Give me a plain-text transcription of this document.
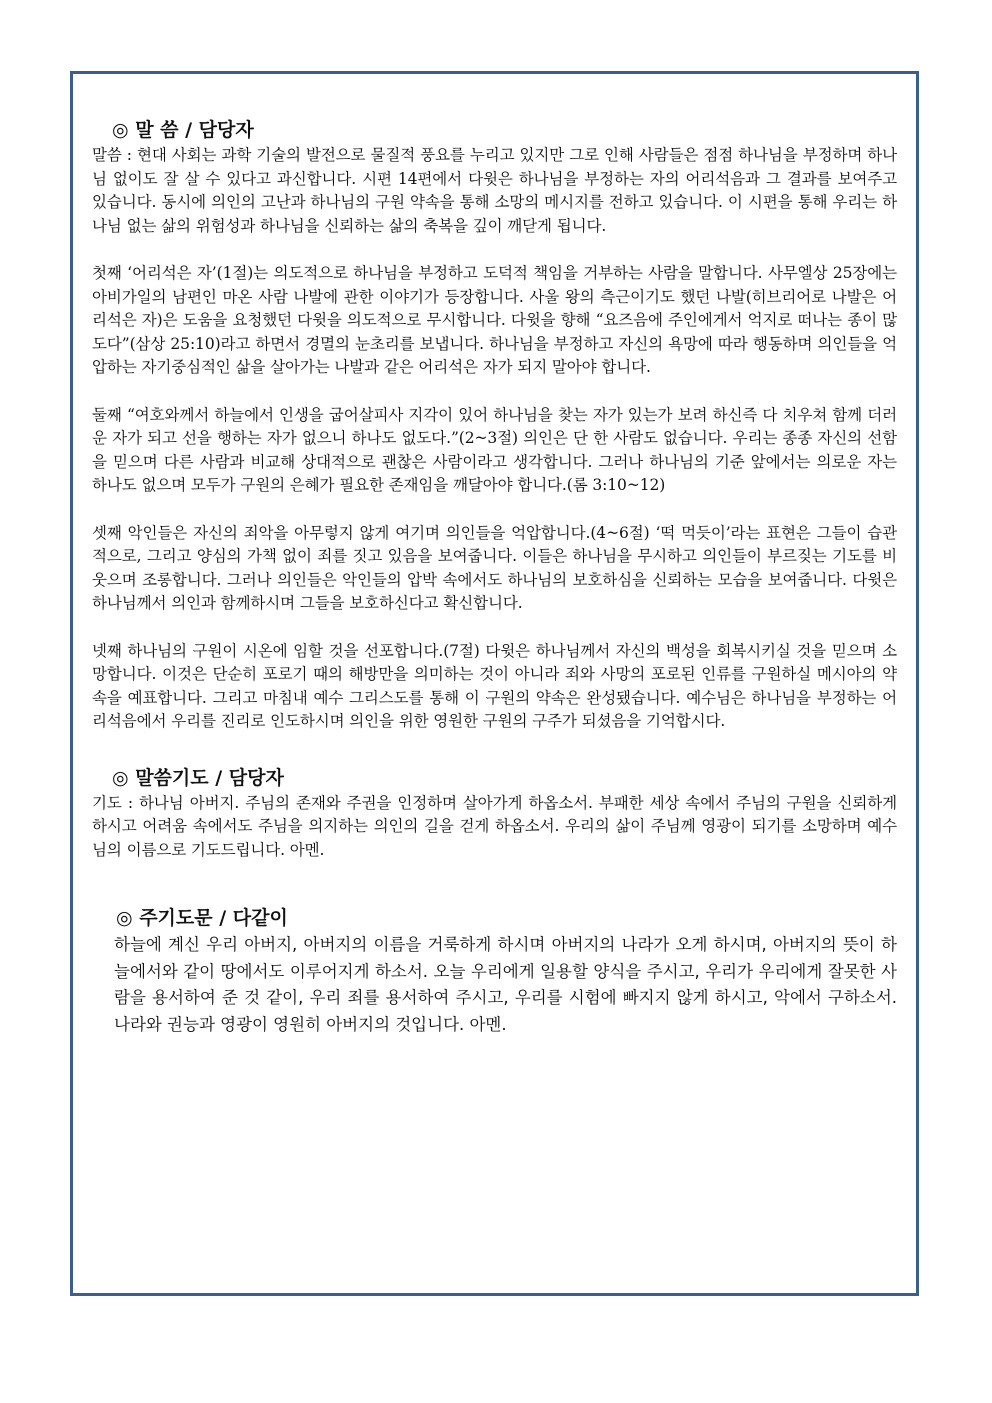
◎ 말 씀 / 담당자

말씀 : 현대 사회는 과학 기술의 발전으로 물질적 풍요를 누리고 있지만 그로 인해 사람들은 점점 하나님을 부정하며 하나님 없이도 잘 살 수 있다고 과신합니다. 시편 14편에서 다윗은 하나님을 부정하는 자의 어리석음과 그 결과를 보여주고 있습니다. 동시에 의인의 고난과 하나님의 구원 약속을 통해 소망의 메시지를 전하고 있습니다. 이 시편을 통해 우리는 하나님 없는 삶의 위험성과 하나님을 신뢰하는 삶의 축복을 깊이 깨닫게 됩니다.

첫째 ‘어리석은 자’(1절)는 의도적으로 하나님을 부정하고 도덕적 책임을 거부하는 사람을 말합니다. 사무엘상 25장에는 아비가일의 남편인 마온 사람 나발에 관한 이야기가 등장합니다. 사울 왕의 측근이기도 했던 나발(히브리어로 나발은 어리석은 자)은 도움을 요청했던 다윗을 의도적으로 무시합니다. 다윗을 향해 “요즈음에 주인에게서 억지로 떠나는 종이 많도다”(삼상 25:10)라고 하면서 경멸의 눈초리를 보냅니다. 하나님을 부정하고 자신의 욕망에 따라 행동하며 의인들을 억압하는 자기중심적인 삶을 살아가는 나발과 같은 어리석은 자가 되지 말아야 합니다.

둘째 “여호와께서 하늘에서 인생을 굽어살피사 지각이 있어 하나님을 찾는 자가 있는가 보려 하신즉 다 치우쳐 함께 더러운 자가 되고 선을 행하는 자가 없으니 하나도 없도다.”(2~3절) 의인은 단 한 사람도 없습니다. 우리는 종종 자신의 선함을 믿으며 다른 사람과 비교해 상대적으로 괜찮은 사람이라고 생각합니다. 그러나 하나님의 기준 앞에서는 의로운 자는 하나도 없으며 모두가 구원의 은혜가 필요한 존재임을 깨달아야 합니다.(롬 3:10~12)

셋째 악인들은 자신의 죄악을 아무렇지 않게 여기며 의인들을 억압합니다.(4~6절) ‘떡 먹듯이’라는 표현은 그들이 습관적으로, 그리고 양심의 가책 없이 죄를 짓고 있음을 보여줍니다. 이들은 하나님을 무시하고 의인들이 부르짖는 기도를 비웃으며 조롱합니다. 그러나 의인들은 악인들의 압박 속에서도 하나님의 보호하심을 신뢰하는 모습을 보여줍니다. 다윗은 하나님께서 의인과 함께하시며 그들을 보호하신다고 확신합니다.

넷째 하나님의 구원이 시온에 임할 것을 선포합니다.(7절) 다윗은 하나님께서 자신의 백성을 회복시키실 것을 믿으며 소망합니다. 이것은 단순히 포로기 때의 해방만을 의미하는 것이 아니라 죄와 사망의 포로된 인류를 구원하실 메시아의 약속을 예표합니다. 그리고 마침내 예수 그리스도를 통해 이 구원의 약속은 완성됐습니다. 예수님은 하나님을 부정하는 어리석음에서 우리를 진리로 인도하시며 의인을 위한 영원한 구원의 구주가 되셨음을 기억합시다.

◎ 말씀기도 / 담당자

기도 : 하나님 아버지. 주님의 존재와 주권을 인정하며 살아가게 하옵소서. 부패한 세상 속에서 주님의 구원을 신뢰하게 하시고 어려움 속에서도 주님을 의지하는 의인의 길을 걷게 하옵소서. 우리의 삶이 주님께 영광이 되기를 소망하며 예수님의 이름으로 기도드립니다. 아멘.

◎ 주기도문 / 다같이

하늘에 계신 우리 아버지, 아버지의 이름을 거룩하게 하시며 아버지의 나라가 오게 하시며, 아버지의 뜻이 하늘에서와 같이 땅에서도 이루어지게 하소서. 오늘 우리에게 일용할 양식을 주시고, 우리가 우리에게 잘못한 사람을 용서하여 준 것 같이, 우리 죄를 용서하여 주시고, 우리를 시험에 빠지지 않게 하시고, 악에서 구하소서. 나라와 권능과 영광이 영원히 아버지의 것입니다. 아멘.
